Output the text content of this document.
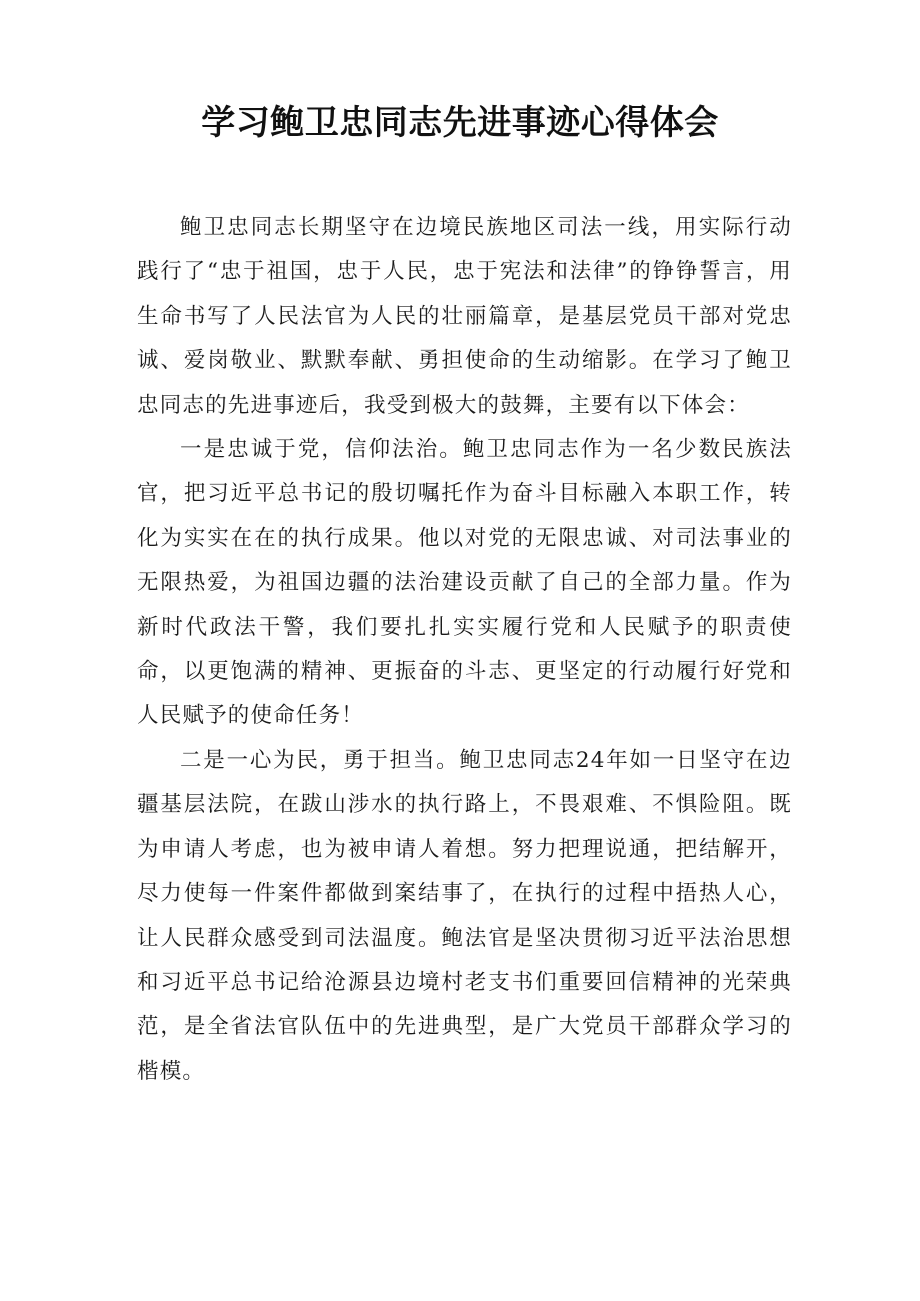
学习鲍卫忠同志先进事迹心得体会

鲍卫忠同志长期坚守在边境民族地区司法一线，用实际行动践行了“忠于祖国，忠于人民，忠于宪法和法律”的铮铮誓言，用生命书写了人民法官为人民的壮丽篇章，是基层党员干部对党忠诚、爱岗敬业、默默奉献、勇担使命的生动缩影。在学习了鲍卫忠同志的先进事迹后，我受到极大的鼓舞，主要有以下体会：

一是忠诚于党，信仰法治。鲍卫忠同志作为一名少数民族法官，把习近平总书记的殷切嘱托作为奋斗目标融入本职工作，转化为实实在在的执行成果。他以对党的无限忠诚、对司法事业的无限热爱，为祖国边疆的法治建设贡献了自己的全部力量。作为新时代政法干警，我们要扎扎实实履行党和人民赋予的职责使命，以更饱满的精神、更振奋的斗志、更坚定的行动履行好党和人民赋予的使命任务！

二是一心为民，勇于担当。鲍卫忠同志24年如一日坚守在边疆基层法院，在跋山涉水的执行路上，不畏艰难、不惧险阻。既为申请人考虑，也为被申请人着想。努力把理说通，把结解开，尽力使每一件案件都做到案结事了，在执行的过程中捂热人心，让人民群众感受到司法温度。鲍法官是坚决贯彻习近平法治思想和习近平总书记给沧源县边境村老支书们重要回信精神的光荣典范，是全省法官队伍中的先进典型，是广大党员干部群众学习的楷模。
